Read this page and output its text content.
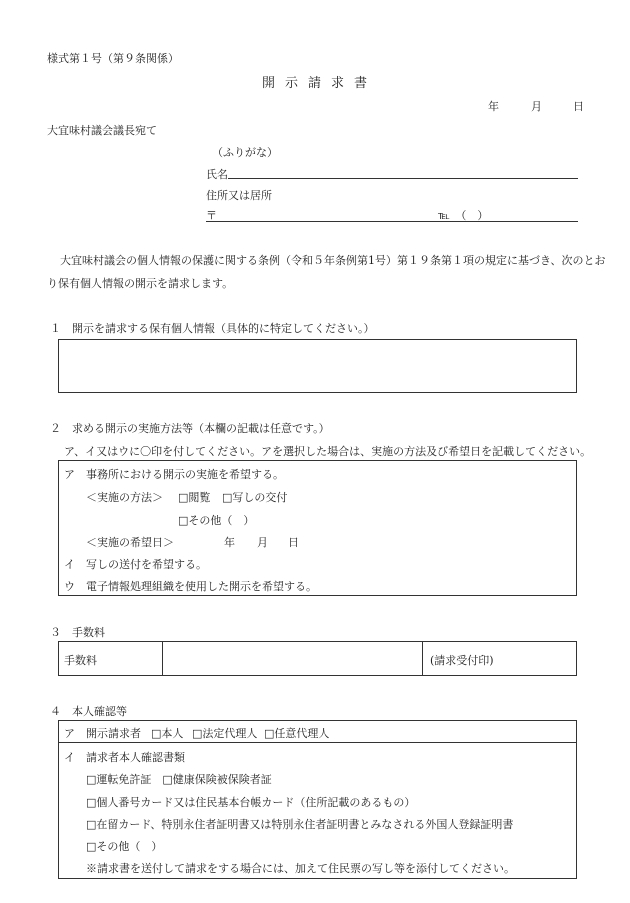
様式第１号（第９条関係）
開示請求書
年	月	日
大宜味村議会議長宛て
（ふりがな）
氏名
住所又は居所
〒	℡　（　）
大宜味村議会の個人情報の保護に関する条例（令和５年条例第1号）第１９条第１項の規定に基づき、次のとお
り保有個人情報の開示を請求します。
１　開示を請求する保有個人情報（具体的に特定してください。）
２　求める開示の実施方法等（本欄の記載は任意です。）
ア、イ又はウに〇印を付してください。アを選択した場合は、実施の方法及び希望日を記載してください。
ア　事務所における開示の実施を希望する。
＜実施の方法＞ □閲覧 □写しの交付
□その他（　）
＜実施の希望日＞	年 月 日
イ　写しの送付を希望する。
ウ　電子情報処理組織を使用した開示を希望する。
３　手数料
手数料	(請求受付印)
４　本人確認等
ア　開示請求者 □本人 □法定代理人 □任意代理人
イ　請求者本人確認書類
□運転免許証　□健康保険被保険者証
□個人番号カード又は住民基本台帳カード（住所記載のあるもの）
□在留カード、特別永住者証明書又は特別永住者証明書とみなされる外国人登録証明書
□その他（　）
※請求書を送付して請求をする場合には、加えて住民票の写し等を添付してください。
